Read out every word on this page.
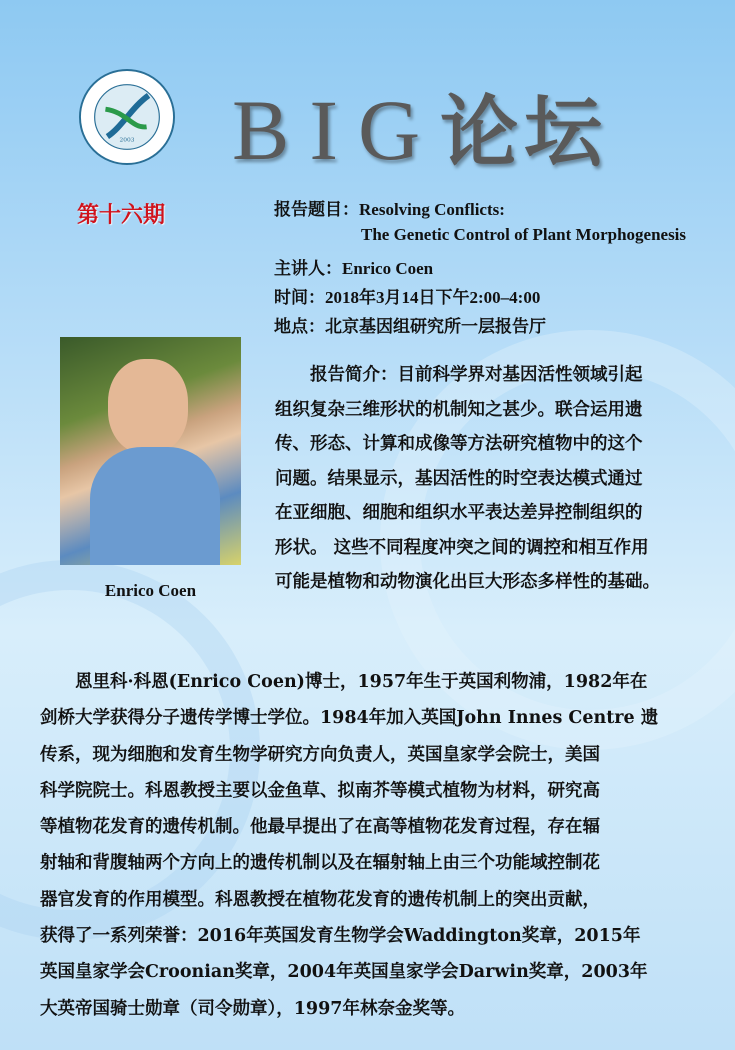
2003 BIG论坛
第十六期	报告题目：Resolving Conflicts:
The Genetic Control of Plant Morphogenesis
主讲人：Enrico Coen
时间：2018年3月14日下午2:00–4:00
地点：北京基因组研究所一层报告厅
Enrico Coen
　　报告简介：目前科学界对基因活性领域引起
组织复杂三维形状的机制知之甚少。联合运用遗
传、形态、计算和成像等方法研究植物中的这个
问题。结果显示，基因活性的时空表达模式通过
在亚细胞、细胞和组织水平表达差异控制组织的
形状。 这些不同程度冲突之间的调控和相互作用
可能是植物和动物演化出巨大形态多样性的基础。
　　恩里科·科恩(Enrico Coen)博士，1957年生于英国利物浦，1982年在
剑桥大学获得分子遗传学博士学位。1984年加入英国John Innes Centre 遗
传系，现为细胞和发育生物学研究方向负责人，英国皇家学会院士，美国
科学院院士。科恩教授主要以金鱼草、拟南芥等模式植物为材料，研究高
等植物花发育的遗传机制。他最早提出了在高等植物花发育过程，存在辐
射轴和背腹轴两个方向上的遗传机制以及在辐射轴上由三个功能域控制花
器官发育的作用模型。科恩教授在植物花发育的遗传机制上的突出贡献，
获得了一系列荣誉：2016年英国发育生物学会Waddington奖章，2015年
英国皇家学会Croonian奖章，2004年英国皇家学会Darwin奖章，2003年
大英帝国骑士勋章（司令勋章），1997年林奈金奖等。
